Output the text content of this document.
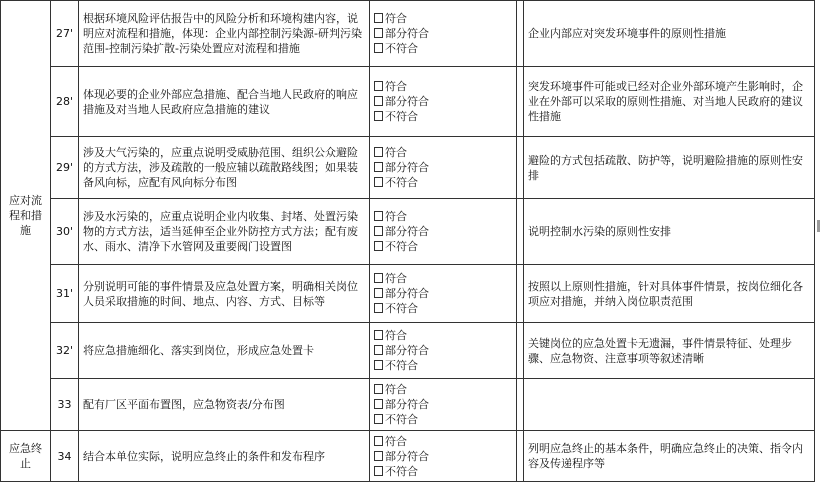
应对流程和措施	27'	根据环境风险评估报告中的风险分析和环境构建内容，说明应对流程和措施，体现：企业内部控制污染源-研判污染范围-控制污染扩散-污染处置应对流程和措施	符合
部分符合
不符合		企业内部应对突发环境事件的原则性措施
	28'	体现必要的企业外部应急措施、配合当地人民政府的响应措施及对当地人民政府应急措施的建议	符合
部分符合
不符合		突发环境事件可能或已经对企业外部环境产生影响时，企业在外部可以采取的原则性措施、对当地人民政府的建议性措施
	29'	涉及大气污染的，应重点说明受威胁范围、组织公众避险的方式方法，涉及疏散的一般应辅以疏散路线图；如果装备风向标，应配有风向标分布图	符合
部分符合
不符合		避险的方式包括疏散、防护等，说明避险措施的原则性安排
	30'	涉及水污染的，应重点说明企业内收集、封堵、处置污染物的方式方法，适当延伸至企业外防控方式方法；配有废水、雨水、清净下水管网及重要阀门设置图	符合
部分符合
不符合		说明控制水污染的原则性安排
	31'	分别说明可能的事件情景及应急处置方案，明确相关岗位人员采取措施的时间、地点、内容、方式、目标等	符合
部分符合
不符合		按照以上原则性措施，针对具体事件情景，按岗位细化各项应对措施，并纳入岗位职责范围
	32'	将应急措施细化、落实到岗位，形成应急处置卡	符合
部分符合
不符合		关键岗位的应急处置卡无遗漏，事件情景特征、处理步骤、应急物资、注意事项等叙述清晰
	33	配有厂区平面布置图，应急物资表/分布图	符合
部分符合
不符合		

应急终止	34	结合本单位实际，说明应急终止的条件和发布程序	符合
部分符合
不符合		列明应急终止的基本条件，明确应急终止的决策、指令内容及传递程序等
